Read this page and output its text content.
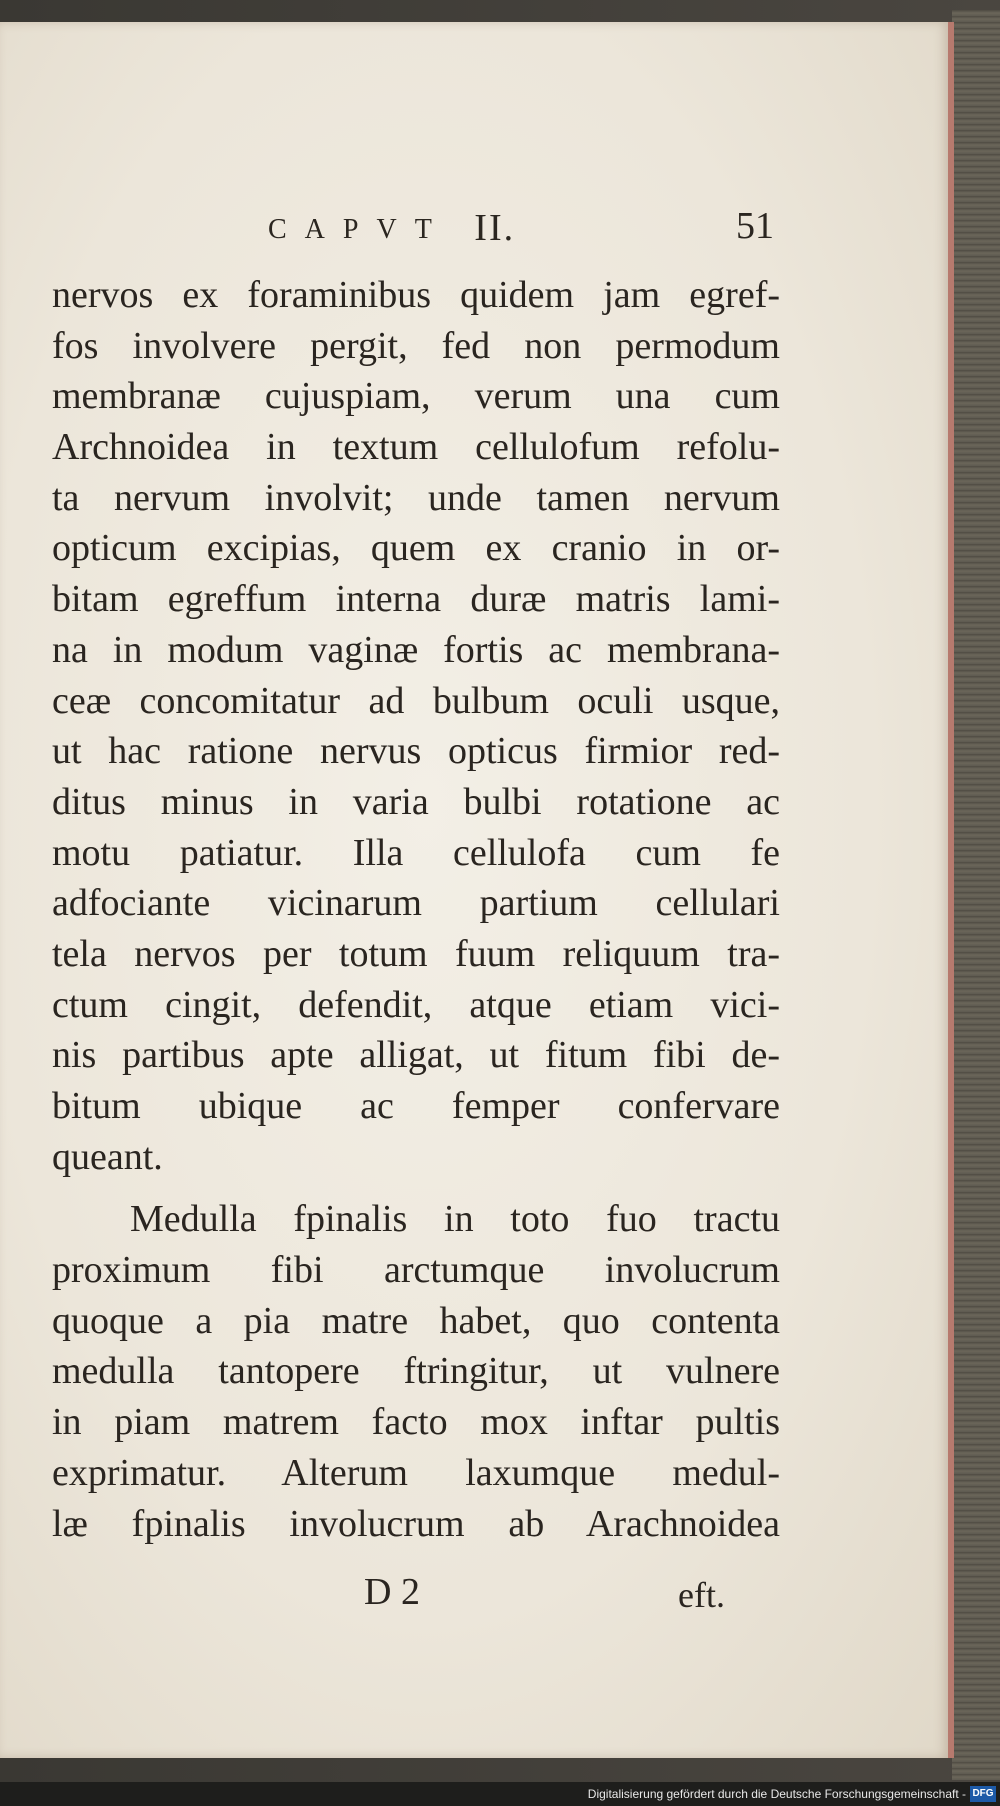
CAPVT II.	51
nervos ex foraminibus quidem jam egref-
fos involvere pergit, fed non permodum
membranæ cujuspiam, verum una cum
Archnoidea in textum cellulofum refolu-
ta nervum involvit; unde tamen nervum
opticum excipias, quem ex cranio in or-
bitam egreffum interna duræ matris lami-
na in modum vaginæ fortis ac membrana-
ceæ concomitatur ad bulbum oculi usque,
ut hac ratione nervus opticus firmior red-
ditus minus in varia bulbi rotatione ac
motu patiatur. Illa cellulofa cum fe
adfociante vicinarum partium cellulari
tela nervos per totum fuum reliquum tra-
ctum cingit, defendit, atque etiam vici-
nis partibus apte alligat, ut fitum fibi de-
bitum ubique ac femper confervare
queant.
Medulla fpinalis in toto fuo tractu
proximum fibi arctumque involucrum
quoque a pia matre habet, quo contenta
medulla tantopere ftringitur, ut vulnere
in piam matrem facto mox inftar pultis
exprimatur. Alterum laxumque medul-
læ fpinalis involucrum ab Arachnoidea
D 2	eft.
Digitalisierung gefördert durch die Deutsche Forschungsgemeinschaft - DFG
